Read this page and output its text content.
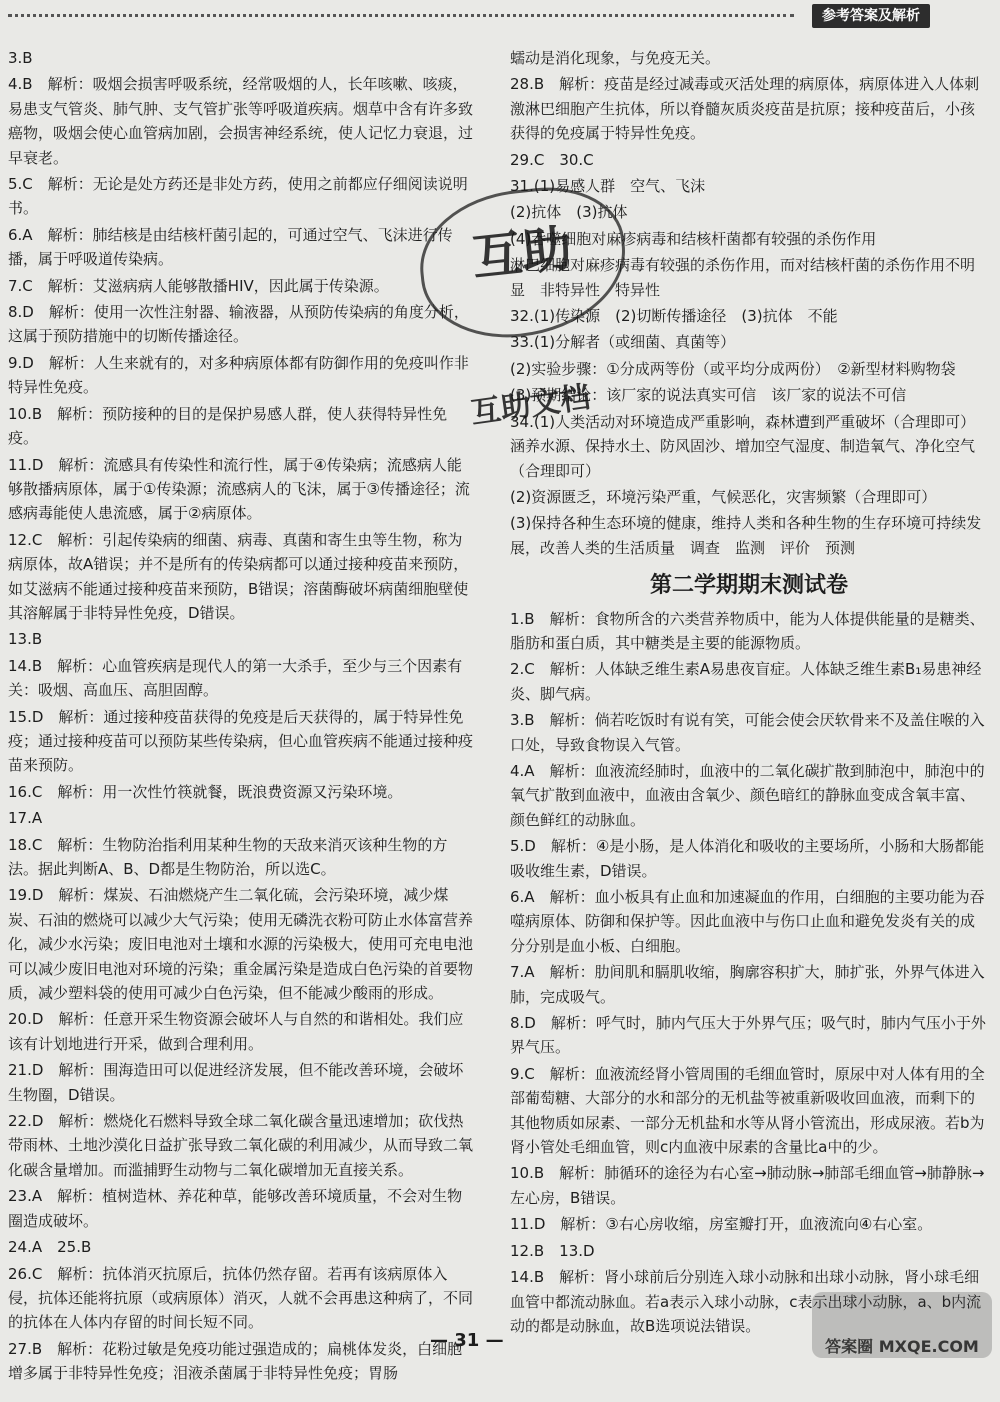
参考答案及解析

3.B

4.B　解析：吸烟会损害呼吸系统，经常吸烟的人，长年咳嗽、咳痰，易患支气管炎、肺气肿、支气管扩张等呼吸道疾病。烟草中含有许多致癌物，吸烟会使心血管病加剧，会损害神经系统，使人记忆力衰退，过早衰老。

5.C　解析：无论是处方药还是非处方药，使用之前都应仔细阅读说明书。

6.A　解析：肺结核是由结核杆菌引起的，可通过空气、飞沫进行传播，属于呼吸道传染病。

7.C　解析：艾滋病病人能够散播HIV，因此属于传染源。

8.D　解析：使用一次性注射器、输液器，从预防传染病的角度分析，这属于预防措施中的切断传播途径。

9.D　解析：人生来就有的，对多种病原体都有防御作用的免疫叫作非特异性免疫。

10.B　解析：预防接种的目的是保护易感人群，使人获得特异性免疫。

11.D　解析：流感具有传染性和流行性，属于④传染病；流感病人能够散播病原体，属于①传染源；流感病人的飞沫，属于③传播途径；流感病毒能使人患流感，属于②病原体。

12.C　解析：引起传染病的细菌、病毒、真菌和寄生虫等生物，称为病原体，故A错误；并不是所有的传染病都可以通过接种疫苗来预防，如艾滋病不能通过接种疫苗来预防，B错误；溶菌酶破坏病菌细胞壁使其溶解属于非特异性免疫，D错误。

13.B

14.B　解析：心血管疾病是现代人的第一大杀手，至少与三个因素有关：吸烟、高血压、高胆固醇。

15.D　解析：通过接种疫苗获得的免疫是后天获得的，属于特异性免疫；通过接种疫苗可以预防某些传染病，但心血管疾病不能通过接种疫苗来预防。

16.C　解析：用一次性竹筷就餐，既浪费资源又污染环境。

17.A

18.C　解析：生物防治指利用某种生物的天敌来消灭该种生物的方法。据此判断A、B、D都是生物防治，所以选C。

19.D　解析：煤炭、石油燃烧产生二氧化硫，会污染环境，减少煤炭、石油的燃烧可以减少大气污染；使用无磷洗衣粉可防止水体富营养化，减少水污染；废旧电池对土壤和水源的污染极大，使用可充电电池可以减少废旧电池对环境的污染；重金属污染是造成白色污染的首要物质，减少塑料袋的使用可减少白色污染，但不能减少酸雨的形成。

20.D　解析：任意开采生物资源会破坏人与自然的和谐相处。我们应该有计划地进行开采，做到合理利用。

21.D　解析：围海造田可以促进经济发展，但不能改善环境，会破坏生物圈，D错误。

22.D　解析：燃烧化石燃料导致全球二氧化碳含量迅速增加；砍伐热带雨林、土地沙漠化日益扩张导致二氧化碳的利用减少，从而导致二氧化碳含量增加。而滥捕野生动物与二氧化碳增加无直接关系。

23.A　解析：植树造林、养花种草，能够改善环境质量，不会对生物圈造成破坏。

24.A　25.B

26.C　解析：抗体消灭抗原后，抗体仍然存留。若再有该病原体入侵，抗体还能将抗原（或病原体）消灭，人就不会再患这种病了，不同的抗体在人体内存留的时间长短不同。

27.B　解析：花粉过敏是免疫功能过强造成的；扁桃体发炎，白细胞增多属于非特异性免疫；泪液杀菌属于非特异性免疫；胃肠

蠕动是消化现象，与免疫无关。

28.B　解析：疫苗是经过减毒或灭活处理的病原体，病原体进入人体刺激淋巴细胞产生抗体，所以脊髓灰质炎疫苗是抗原；接种疫苗后，小孩获得的免疫属于特异性免疫。

29.C　30.C

31.(1)易感人群　空气、飞沫

(2)抗体　(3)抗体

(4)吞噬细胞对麻疹病毒和结核杆菌都有较强的杀伤作用

淋巴细胞对麻疹病毒有较强的杀伤作用，而对结核杆菌的杀伤作用不明显　非特异性　特异性

32.(1)传染源　(2)切断传播途径　(3)抗体　不能

33.(1)分解者（或细菌、真菌等）

(2)实验步骤：①分成两等份（或平均分成两份）　②新型材料购物袋

(3)预期结论：该厂家的说法真实可信　该厂家的说法不可信

34.(1)人类活动对环境造成严重影响，森林遭到严重破坏（合理即可）　涵养水源、保持水土、防风固沙、增加空气湿度、制造氧气、净化空气（合理即可）

(2)资源匮乏，环境污染严重，气候恶化，灾害频繁（合理即可）

(3)保持各种生态环境的健康，维持人类和各种生物的生存环境可持续发展，改善人类的生活质量　调查　监测　评价　预测

第二学期期末测试卷

1.B　解析：食物所含的六类营养物质中，能为人体提供能量的是糖类、脂肪和蛋白质，其中糖类是主要的能源物质。

2.C　解析：人体缺乏维生素A易患夜盲症。人体缺乏维生素B₁易患神经炎、脚气病。

3.B　解析：倘若吃饭时有说有笑，可能会使会厌软骨来不及盖住喉的入口处，导致食物误入气管。

4.A　解析：血液流经肺时，血液中的二氧化碳扩散到肺泡中，肺泡中的氧气扩散到血液中，血液由含氧少、颜色暗红的静脉血变成含氧丰富、颜色鲜红的动脉血。

5.D　解析：④是小肠，是人体消化和吸收的主要场所，小肠和大肠都能吸收维生素，D错误。

6.A　解析：血小板具有止血和加速凝血的作用，白细胞的主要功能为吞噬病原体、防御和保护等。因此血液中与伤口止血和避免发炎有关的成分分别是血小板、白细胞。

7.A　解析：肋间肌和膈肌收缩，胸廓容积扩大，肺扩张，外界气体进入肺，完成吸气。

8.D　解析：呼气时，肺内气压大于外界气压；吸气时，肺内气压小于外界气压。

9.C　解析：血液流经肾小管周围的毛细血管时，原尿中对人体有用的全部葡萄糖、大部分的水和部分的无机盐等被重新吸收回血液，而剩下的其他物质如尿素、一部分无机盐和水等从肾小管流出，形成尿液。若b为肾小管处毛细血管，则c内血液中尿素的含量比a中的少。

10.B　解析：肺循环的途径为右心室→肺动脉→肺部毛细血管→肺静脉→左心房，B错误。

11.D　解析：③右心房收缩，房室瓣打开，血液流向④右心室。

12.B　13.D

14.B　解析：肾小球前后分别连入球小动脉和出球小动脉，肾小球毛细血管中都流动脉血。若a表示入球小动脉，c表示出球小动脉，a、b内流动的都是动脉血，故B选项说法错误。

互助
互助文档
— 31 —	答案圈 MXQE.COM
